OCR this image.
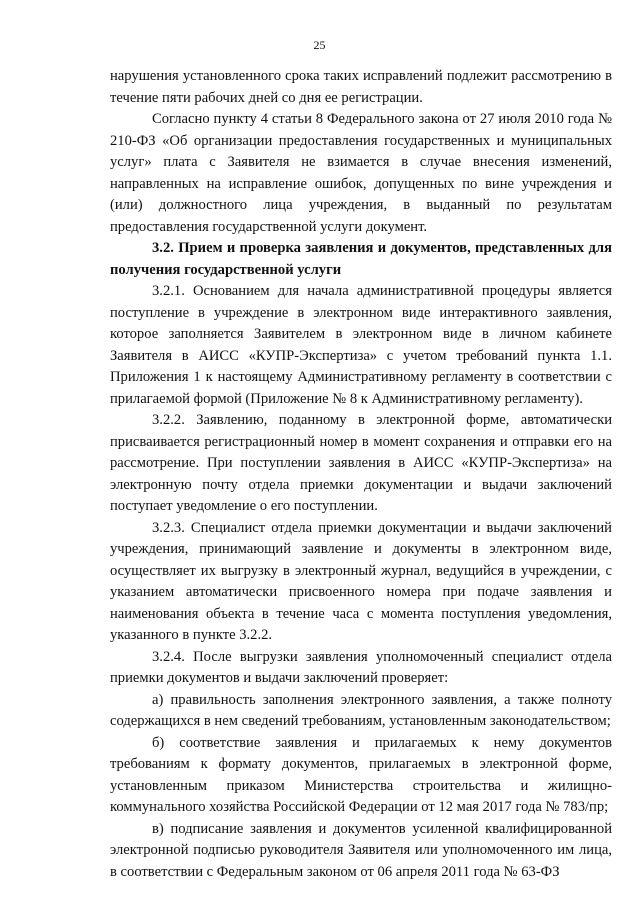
25

нарушения установленного срока таких исправлений подлежит рассмотрению в течение пяти рабочих дней со дня ее регистрации.

Согласно пункту 4 статьи 8 Федерального закона от 27 июля 2010 года № 210-ФЗ «Об организации предоставления государственных и муниципальных услуг» плата с Заявителя не взимается в случае внесения изменений, направленных на исправление ошибок, допущенных по вине учреждения и (или) должностного лица учреждения, в выданный по результатам предоставления государственной услуги документ.

3.2. Прием и проверка заявления и документов, представленных для получения государственной услуги

3.2.1. Основанием для начала административной процедуры является поступление в учреждение в электронном виде интерактивного заявления, которое заполняется Заявителем в электронном виде в личном кабинете Заявителя в АИСС «КУПР-Экспертиза» с учетом требований пункта 1.1. Приложения 1 к настоящему Административному регламенту в соответствии с прилагаемой формой (Приложение № 8 к Административному регламенту).

3.2.2. Заявлению, поданному в электронной форме, автоматически присваивается регистрационный номер в момент сохранения и отправки его на рассмотрение. При поступлении заявления в АИСС «КУПР-Экспертиза» на электронную почту отдела приемки документации и выдачи заключений поступает уведомление о его поступлении.

3.2.3. Специалист отдела приемки документации и выдачи заключений учреждения, принимающий заявление и документы в электронном виде, осуществляет их выгрузку в электронный журнал, ведущийся в учреждении, с указанием автоматически присвоенного номера при подаче заявления и наименования объекта в течение часа с момента поступления уведомления, указанного в пункте 3.2.2.

3.2.4. После выгрузки заявления уполномоченный специалист отдела приемки документов и выдачи заключений проверяет:

а) правильность заполнения электронного заявления, а также полноту содержащихся в нем сведений требованиям, установленным законодательством;

б) соответствие заявления и прилагаемых к нему документов требованиям к формату документов, прилагаемых в электронной форме, установленным приказом Министерства строительства и жилищно-коммунального хозяйства Российской Федерации от 12 мая 2017 года № 783/пр;

в) подписание заявления и документов усиленной квалифицированной электронной подписью руководителя Заявителя или уполномоченного им лица, в соответствии с Федеральным законом от 06 апреля 2011 года № 63-ФЗ
